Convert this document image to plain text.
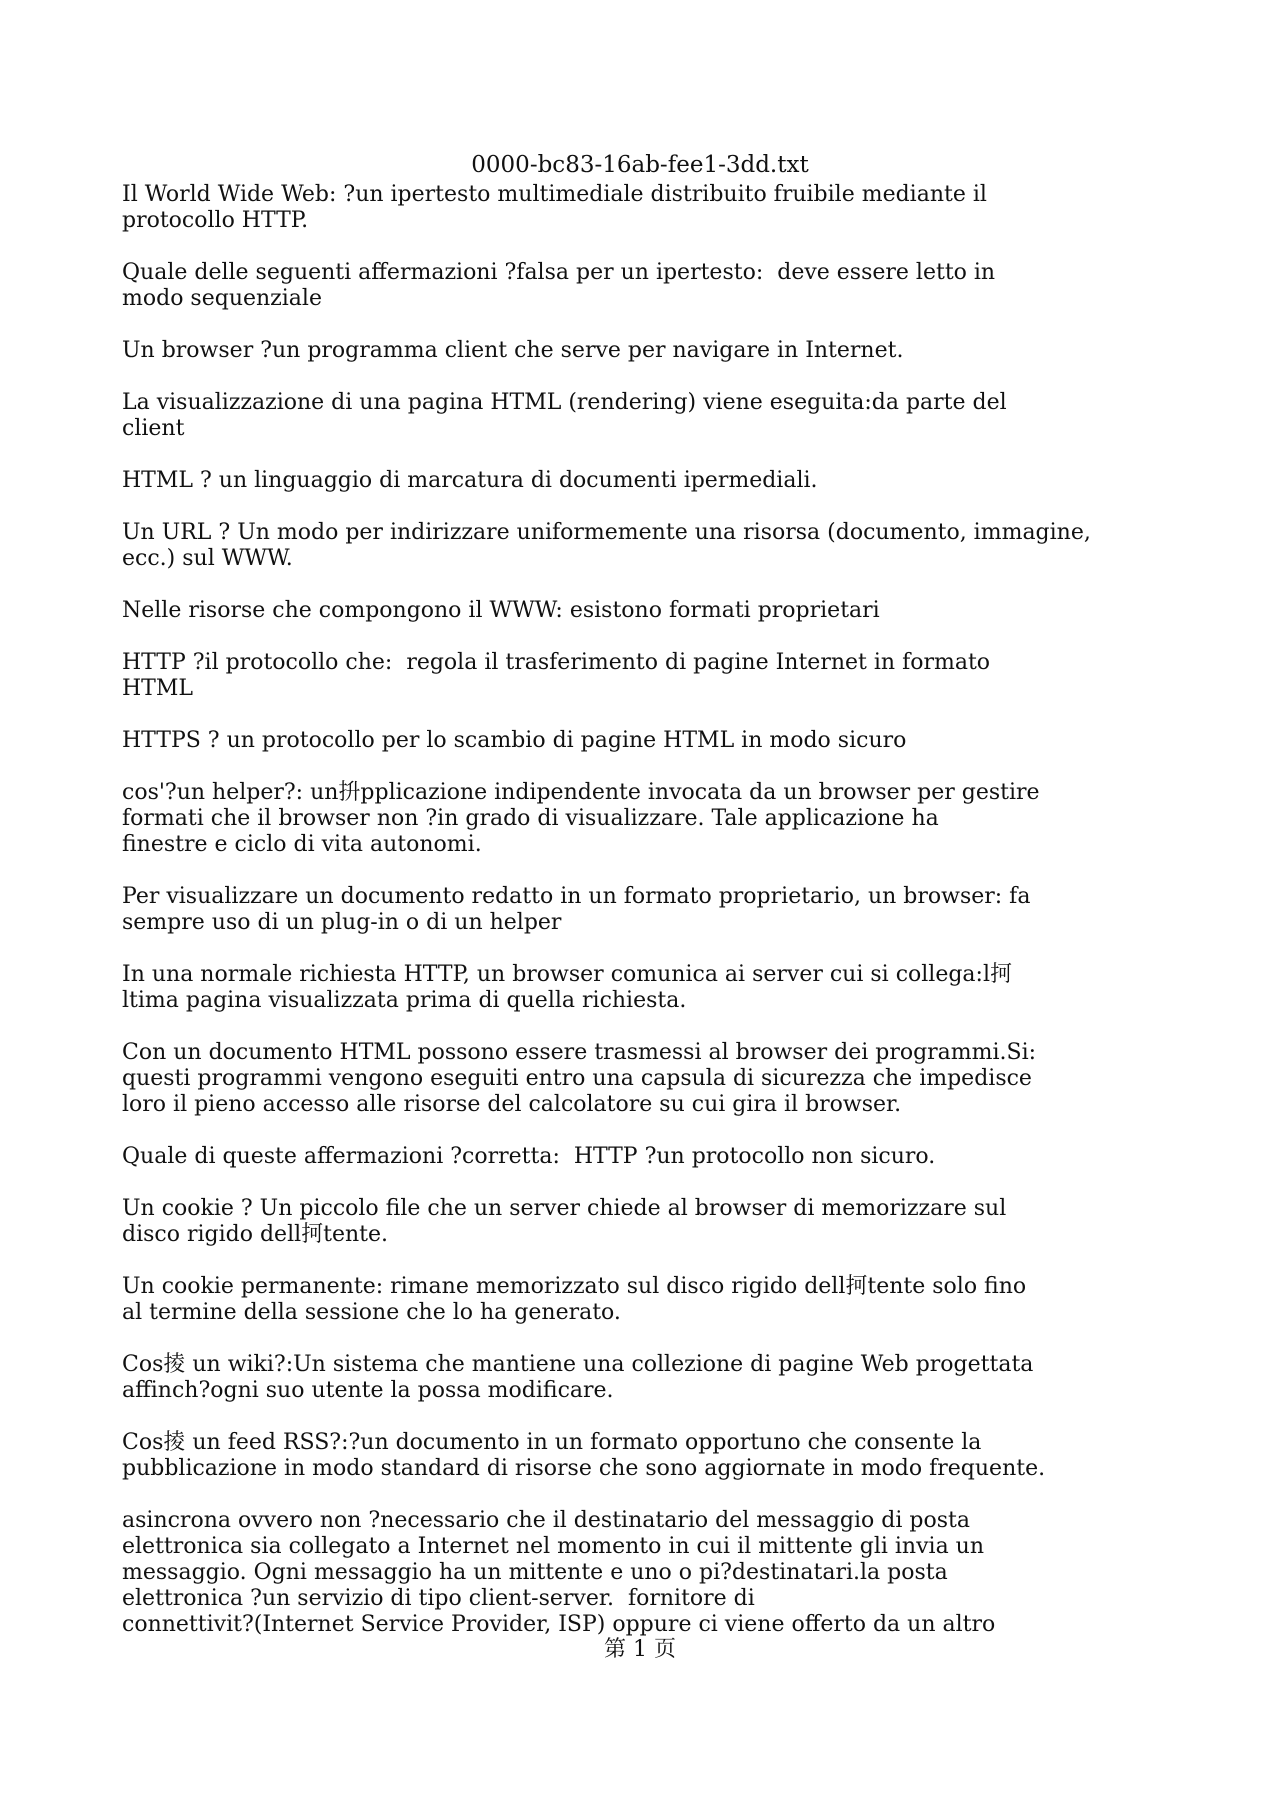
0000-bc83-16ab-fee1-3dd.txt
Il World Wide Web: ?un ipertesto multimediale distribuito fruibile mediante il
protocollo HTTP.
Quale delle seguenti affermazioni ?falsa per un ipertesto:  deve essere letto in
modo sequenziale
Un browser ?un programma client che serve per navigare in Internet.
La visualizzazione di una pagina HTML (rendering) viene eseguita:da parte del
client
HTML ? un linguaggio di marcatura di documenti ipermediali.
Un URL ? Un modo per indirizzare uniformemente una risorsa (documento, immagine,
ecc.) sul WWW.
Nelle risorse che compongono il WWW: esistono formati proprietari
HTTP ?il protocollo che:  regola il trasferimento di pagine Internet in formato
HTML
HTTPS ? un protocollo per lo scambio di pagine HTML in modo sicuro
cos'?un helper?: un抍pplicazione indipendente invocata da un browser per gestire
formati che il browser non ?in grado di visualizzare. Tale applicazione ha
finestre e ciclo di vita autonomi.
Per visualizzare un documento redatto in un formato proprietario, un browser: fa
sempre uso di un plug-in o di un helper
In una normale richiesta HTTP, un browser comunica ai server cui si collega:l抲
ltima pagina visualizzata prima di quella richiesta.
Con un documento HTML possono essere trasmessi al browser dei programmi.Si:
questi programmi vengono eseguiti entro una capsula di sicurezza che impedisce
loro il pieno accesso alle risorse del calcolatore su cui gira il browser.
Quale di queste affermazioni ?corretta:  HTTP ?un protocollo non sicuro.
Un cookie ? Un piccolo file che un server chiede al browser di memorizzare sul
disco rigido dell抲tente.
Un cookie permanente: rimane memorizzato sul disco rigido dell抲tente solo fino
al termine della sessione che lo ha generato.
Cos掕 un wiki?:Un sistema che mantiene una collezione di pagine Web progettata
affinch?ogni suo utente la possa modificare.
Cos掕 un feed RSS?:?un documento in un formato opportuno che consente la
pubblicazione in modo standard di risorse che sono aggiornate in modo frequente.
asincrona ovvero non ?necessario che il destinatario del messaggio di posta
elettronica sia collegato a Internet nel momento in cui il mittente gli invia un
messaggio. Ogni messaggio ha un mittente e uno o pi?destinatari.la posta
elettronica ?un servizio di tipo client-server.  fornitore di
connettivit?(Internet Service Provider, ISP) oppure ci viene offerto da un altro
第 1 页
